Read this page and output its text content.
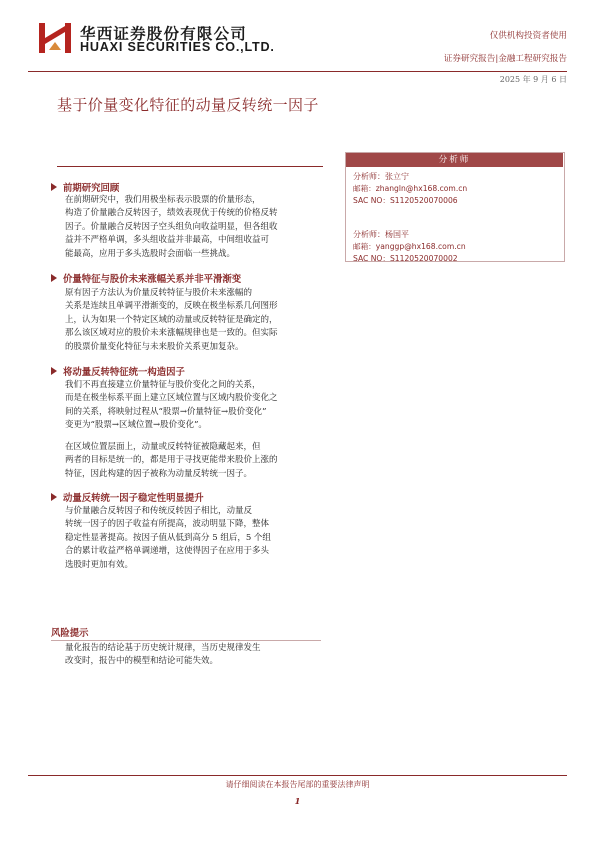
华西证券股份有限公司
HUAXI SECURITIES CO.,LTD.
仅供机构投资者使用
证券研究报告|金融工程研究报告
2025 年 9 月 6 日
基于价量变化特征的动量反转统一因子
分析师
分析师：张立宁
邮箱：zhangln@hx168.com.cn
SAC NO：S1120520070006
分析师：杨国平
邮箱：yanggp@hx168.com.cn
SAC NO：S1120520070002
前期研究回顾
在前期研究中，我们用极坐标表示股票的价量形态，
构造了价量融合反转因子，绩效表现优于传统的价格反转
因子。价量融合反转因子空头组负向收益明显，但各组收
益并不严格单调，多头组收益并非最高，中间组收益可
能最高，应用于多头选股时会面临一些挑战。
价量特征与股价未来涨幅关系并非平滑渐变
原有因子方法认为价量反转特征与股价未来涨幅的
关系是连续且单调平滑渐变的，反映在极坐标系几何图形
上，认为如果一个特定区域的动量或反转特征是确定的，
那么该区域对应的股价未来涨幅规律也是一致的。但实际
的股票价量变化特征与未来股价关系更加复杂。
将动量反转特征统一构造因子
我们不再直接建立价量特征与股价变化之间的关系，
而是在极坐标系平面上建立区域位置与区域内股价变化之
间的关系，将映射过程从“股票→价量特征→股价变化”
变更为“股票→区域位置→股价变化”。
在区域位置层面上，动量或反转特征被隐藏起来，但
两者的目标是统一的，都是用于寻找更能带来股价上涨的
特征，因此构建的因子被称为动量反转统一因子。
动量反转统一因子稳定性明显提升
与价量融合反转因子和传统反转因子相比，动量反
转统一因子的因子收益有所提高，波动明显下降，整体
稳定性显著提高。按因子值从低到高分 5 组后，5 个组
合的累计收益严格单调递增，这使得因子在应用于多头
选股时更加有效。
风险提示
量化报告的结论基于历史统计规律，当历史规律发生
改变时，报告中的模型和结论可能失效。
请仔细阅读在本报告尾部的重要法律声明
1
